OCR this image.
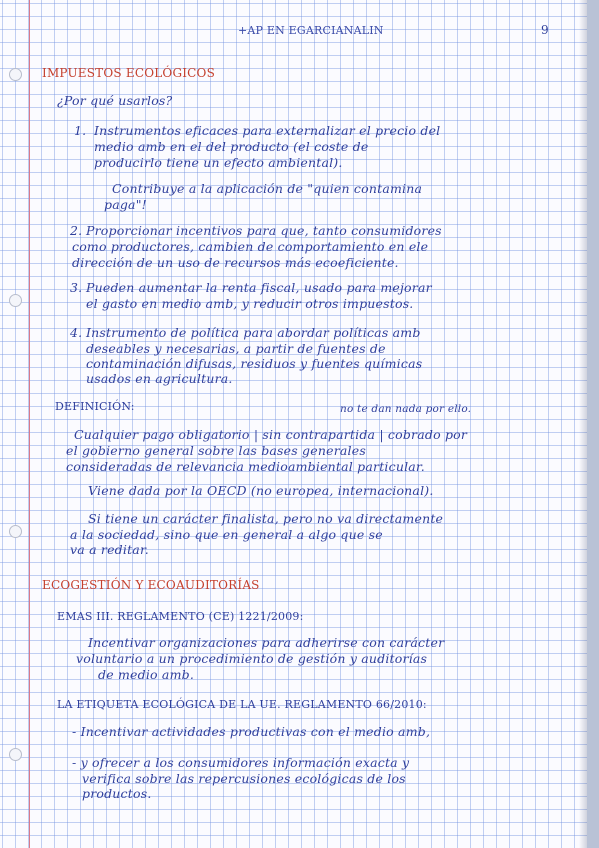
+AP EN EGARCIANALIN	9
IMPUESTOS ECOLÓGICOS
¿Por qué usarlos?
1. Instrumentos eficaces para externalizar el precio del
medio amb en el del producto (el coste de
producirlo tiene un efecto ambiental).
Contribuye a la aplicación de "quien contamina
paga"!
2. Proporcionar incentivos para que, tanto consumidores
como productores, cambien de comportamiento en ele
dirección de un uso de recursos más ecoeficiente.
3. Pueden aumentar la renta fiscal, usado para mejorar
el gasto en medio amb, y reducir otros impuestos.
4. Instrumento de política para abordar políticas amb
deseables y necesarias, a partir de fuentes de
contaminación difusas, residuos y fuentes químicas
usados en agricultura.
DEFINICIÓN:	no te dan nada por ello.
Cualquier pago obligatorio | sin contrapartida | cobrado por
el gobierno general sobre las bases generales
consideradas de relevancia medioambiental particular.
Viene dada por la OECD (no europea, internacional).
Si tiene un carácter finalista, pero no va directamente
a la sociedad, sino que en general a algo que se
va a reditar.
ECOGESTIÓN Y ECOAUDITORÍAS
EMAS III. REGLAMENTO (CE) 1221/2009:
Incentivar organizaciones para adherirse con carácter
voluntario a un procedimiento de gestión y auditorías
de medio amb.
LA ETIQUETA ECOLÓGICA DE LA UE. REGLAMENTO 66/2010:
- Incentivar actividades productivas con el medio amb,
- y ofrecer a los consumidores información exacta y
verifica sobre las repercusiones ecológicas de los
productos.
